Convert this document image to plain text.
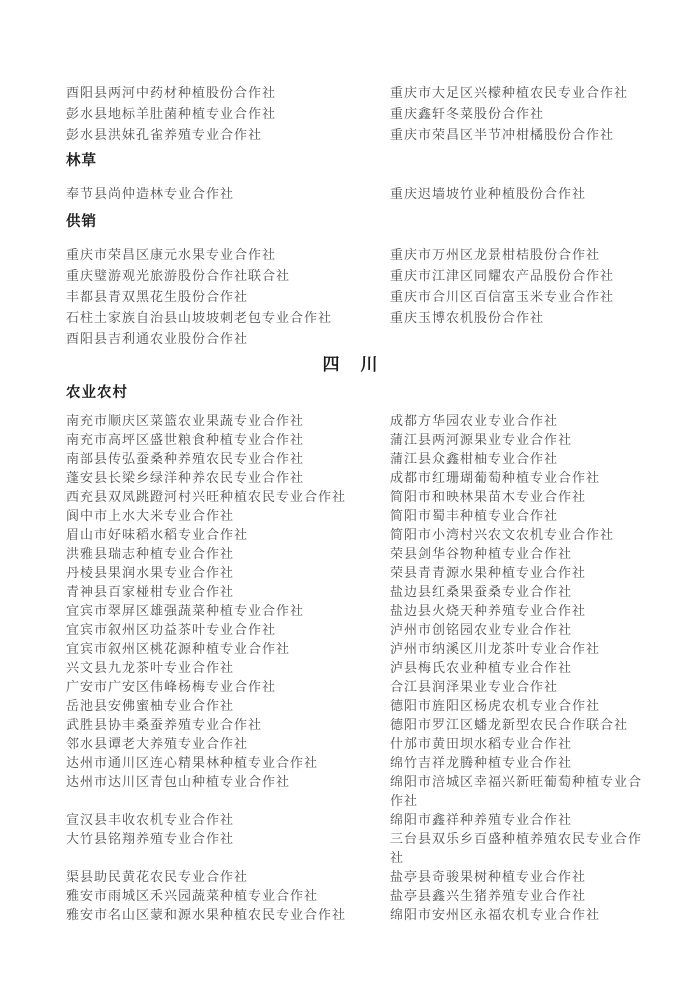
酉阳县两河中药材种植股份合作社	重庆市大足区兴檬种植农民专业合作社
彭水县地标羊肚菌种植专业合作社	重庆鑫轩冬菜股份合作社
彭水县洪妹孔雀养殖专业合作社	重庆市荣昌区半节冲柑橘股份合作社
林草
奉节县尚仲造林专业合作社	重庆迟墙坡竹业种植股份合作社
供销
重庆市荣昌区康元水果专业合作社	重庆市万州区龙景柑桔股份合作社
重庆璧游观光旅游股份合作社联合社	重庆市江津区同耀农产品股份合作社
丰都县青双黑花生股份合作社	重庆市合川区百信富玉米专业合作社
石柱土家族自治县山坡坡刺老包专业合作社	重庆玉博农机股份合作社
酉阳县吉利通农业股份合作社
四　川
农业农村
南充市顺庆区菜篮农业果蔬专业合作社	成都方华园农业专业合作社
南充市高坪区盛世粮食种植专业合作社	蒲江县两河源果业专业合作社
南部县传弘蚕桑种养殖农民专业合作社	蒲江县众鑫柑柚专业合作社
蓬安县长梁乡绿洋种养农民专业合作社	成都市红珊瑚葡萄种植专业合作社
西充县双凤跳蹬河村兴旺种植农民专业合作社	简阳市和映林果苗木专业合作社
阆中市上水大米专业合作社	简阳市蜀丰种植专业合作社
眉山市好味稻水稻专业合作社	简阳市小湾村兴农文农机专业合作社
洪雅县瑞志种植专业合作社	荣县剑华谷物种植专业合作社
丹棱县果润水果专业合作社	荣县青青源水果种植专业合作社
青神县百家椪柑专业合作社	盐边县红桑果蚕桑专业合作社
宜宾市翠屏区雄强蔬菜种植专业合作社	盐边县火烧天种养殖专业合作社
宜宾市叙州区功益茶叶专业合作社	泸州市创铭园农业专业合作社
宜宾市叙州区桃花源种植专业合作社	泸州市纳溪区川龙茶叶专业合作社
兴文县九龙茶叶专业合作社	泸县梅氏农业种植专业合作社
广安市广安区伟峰杨梅专业合作社	合江县润泽果业专业合作社
岳池县安佛蜜柚专业合作社	德阳市旌阳区杨虎农机专业合作社
武胜县协丰桑蚕养殖专业合作社	德阳市罗江区蟠龙新型农民合作联合社
邻水县谭老大养殖专业合作社	什邡市黄田坝水稻专业合作社
达州市通川区连心精果林种植专业合作社	绵竹吉祥龙腾种植专业合作社
达州市达川区青包山种植专业合作社	绵阳市涪城区幸福兴新旺葡萄种植专业合作社
宣汉县丰收农机专业合作社	绵阳市鑫祥种养殖专业合作社
大竹县铭翔养殖专业合作社	三台县双乐乡百盛种植养殖农民专业合作社
渠县助民黄花农民专业合作社	盐亭县奇骏果树种植专业合作社
雅安市雨城区禾兴园蔬菜种植专业合作社	盐亭县鑫兴生猪养殖专业合作社
雅安市名山区蒙和源水果种植农民专业合作社	绵阳市安州区永福农机专业合作社
